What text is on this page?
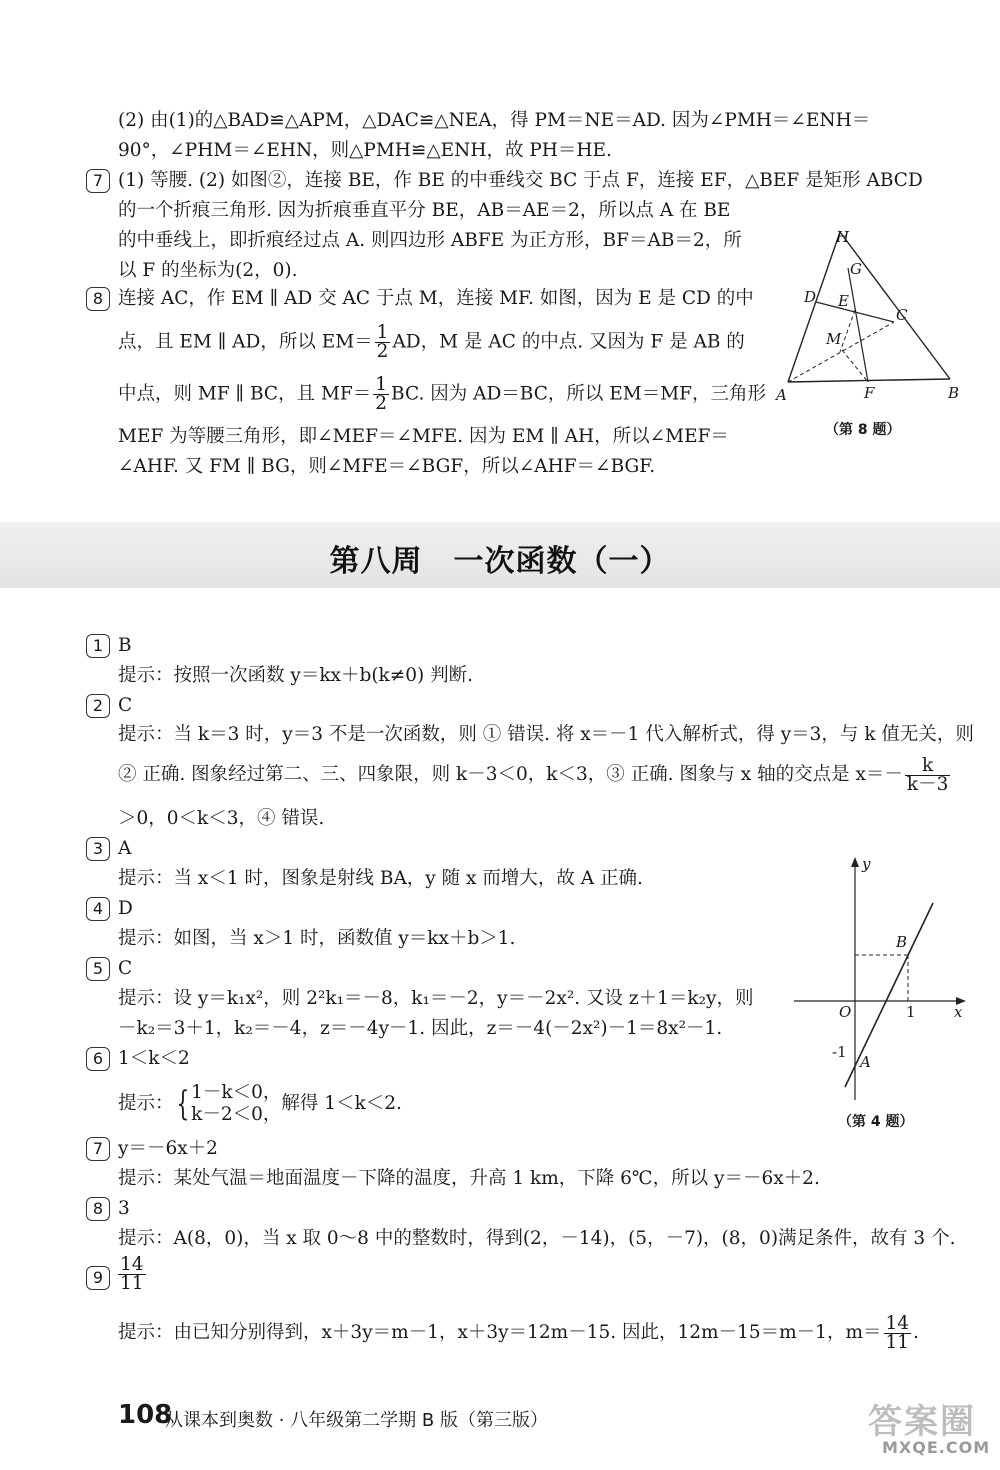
(2) 由(1)的△BAD≌△APM，△DAC≌△NEA，得 PM＝NE＝AD. 因为∠PMH＝∠ENH＝
90°，∠PHM＝∠EHN，则△PMH≌△ENH，故 PH＝HE.
7 (1) 等腰. (2) 如图②，连接 BE，作 BE 的中垂线交 BC 于点 F，连接 EF，△BEF 是矩形 ABCD
的一个折痕三角形. 因为折痕垂直平分 BE，AB＝AE＝2，所以点 A 在 BE
的中垂线上，即折痕经过点 A. 则四边形 ABFE 为正方形，BF＝AB＝2，所
以 F 的坐标为(2，0).
8 连接 AC，作 EM ∥ AD 交 AC 于点 M，连接 MF. 如图，因为 E 是 CD 的中
点，且 EM ∥ AD，所以 $EM= \frac{1}{2}$ AD，M 是 AC 的中点. 又因为 F 是 AB 的
中点，则 MF ∥ BC，且 $MF= \frac{1}{2}$ BC. 因为 AD＝BC，所以 EM＝MF，三角形
MEF 为等腰三角形，即∠MEF＝∠MFE. 因为 EM ∥ AH，所以∠MEF＝
∠AHF. 又 FM ∥ BG，则∠MFE＝∠BGF，所以∠AHF＝∠BGF.
H
G
D E
C
M
A	F	B
（第 8 题）
第八周　一次函数（一）
1 B
提示：按照一次函数 y＝kx＋b(k≠0) 判断.
2 C
提示：当 k＝3 时，y＝3 不是一次函数，则 ① 错误. 将 x＝－1 代入解析式，得 y＝3，与 k 值无关，则
② 正确. 图象经过第二、三、四象限，则 k－3＜0，k＜3，③ 正确. 图象与 x 轴的交点是 $x=- \frac{k}{k-3}$
＞0，0＜k＜3，④ 错误.
3 A
提示：当 x＜1 时，图象是射线 BA，y 随 x 而增大，故 A 正确.
4 D
提示：如图，当 x＞1 时，函数值 y＝kx＋b＞1.
5 C
提示：设 y＝k₁x²，则 2²k₁＝－8，k₁＝－2，y＝－2x². 又设 z＋1＝k₂y，则
－k₂＝3＋1，k₂＝－4，z＝－4y－1. 因此，z＝－4(－2x²)－1＝8x²－1.
6 1＜k＜2
提示：{ 1－k＜0，
k－2＜0，
解得 1＜k＜2.
7 y＝－6x＋2
提示：某处气温＝地面温度－下降的温度，升高 1 km，下降 6℃，所以 y＝－6x＋2.
8 3
提示：A(8，0)，当 x 取 0～8 中的整数时，得到(2，－14)，(5，－7)，(8，0)满足条件，故有 3 个.
$9 \frac{14}{11}$
提示：由已知分别得到，x＋3y＝m－1，x＋3y＝12m－15. 因此，12m－15＝m－1，$m= \frac{14}{11}$ .
y
x
O	1
-1
A
B
（第 4 题）
108
从课本到奥数 · 八年级第二学期 B 版（第三版）	答案圈
MXQE.COM
